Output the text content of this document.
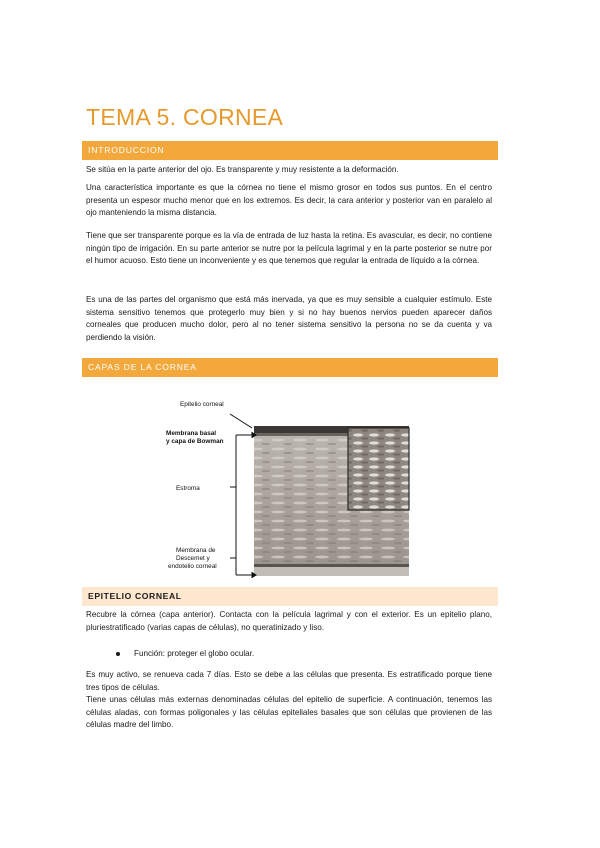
TEMA 5. CORNEA
INTRODUCCION

Se sitúa en la parte anterior del ojo. Es transparente y muy resistente a la deformación.

Una característica importante es que la córnea no tiene el mismo grosor en todos sus puntos. En el centro presenta un espesor mucho menor que en los extremos. Es decir, la cara anterior y posterior van en paralelo al ojo manteniendo la misma distancia.

Tiene que ser transparente porque es la vía de entrada de luz hasta la retina. Es avascular, es decir, no contiene ningún tipo de irrigación. En su parte anterior se nutre por la película lagrimal y en la parte posterior se nutre por el humor acuoso. Esto tiene un inconveniente y es que tenemos que regular la entrada de líquido a la córnea.

Es una de las partes del organismo que está más inervada, ya que es muy sensible a cualquier estímulo. Este sistema sensitivo tenemos que protegerlo muy bien y si no hay buenos nervios pueden aparecer daños corneales que producen mucho dolor, pero al no tener sistema sensitivo la persona no se da cuenta y va perdiendo la visión.

CAPAS DE LA CORNEA
Epitelio corneal
Membrana basal
y capa de Bowman
Estroma
Membrana de
Descemet y
endotelio corneal
EPITELIO CORNEAL

Recubre la córnea (capa anterior). Contacta con la película lagrimal y con el exterior. Es un epitelio plano, pluriestratificado (varias capas de células), no queratinizado y liso.

Función: proteger el globo ocular.

Es muy activo, se renueva cada 7 días. Esto se debe a las células que presenta. Es estratificado porque tiene tres tipos de células.

Tiene unas células más externas denominadas células del epitelio de superficie. A continuación, tenemos las células aladas, con formas poligonales y las células epiteliales basales que son células que provienen de las células madre del limbo.
